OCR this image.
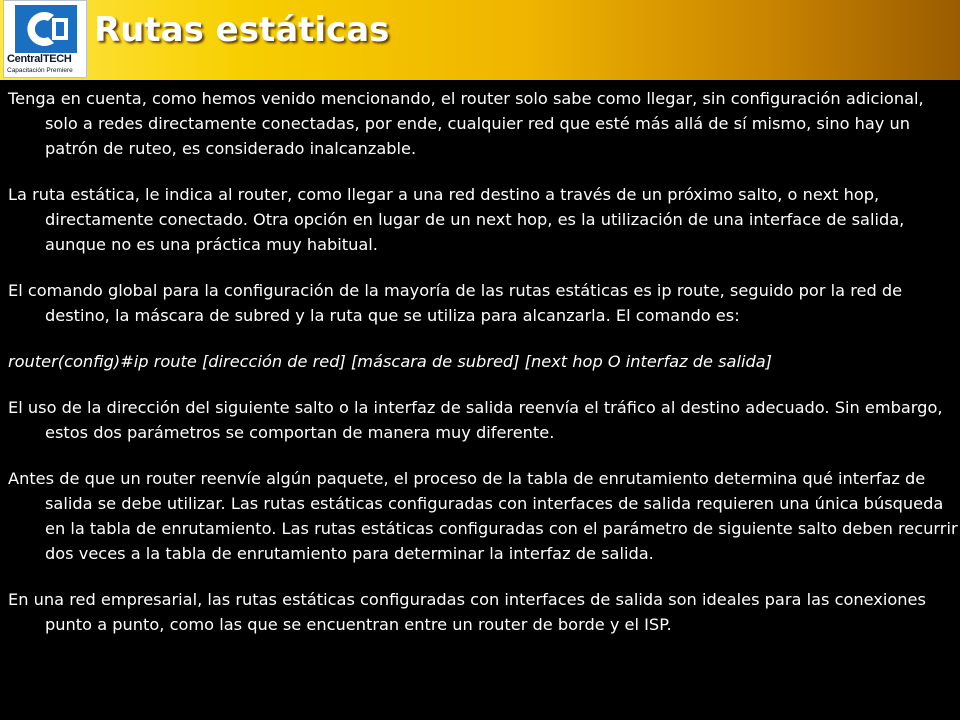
CentralTECH
Capacitación Premiere
Rutas estáticas

Tenga en cuenta, como hemos venido mencionando, el router solo sabe como llegar, sin configuración adicional, solo a redes directamente conectadas, por ende, cualquier red que esté más allá de sí mismo, sino hay un patrón de ruteo, es considerado inalcanzable.

La ruta estática, le indica al router, como llegar a una red destino a través de un próximo salto, o next hop, directamente conectado. Otra opción en lugar de un next hop, es la utilización de una interface de salida, aunque no es una práctica muy habitual.

El comando global para la configuración de la mayoría de las rutas estáticas es ip route, seguido por la red de destino, la máscara de subred y la ruta que se utiliza para alcanzarla. El comando es:

router(config)#ip route [dirección de red] [máscara de subred] [next hop O interfaz de salida]

El uso de la dirección del siguiente salto o la interfaz de salida reenvía el tráfico al destino adecuado. Sin embargo, estos dos parámetros se comportan de manera muy diferente.

Antes de que un router reenvíe algún paquete, el proceso de la tabla de enrutamiento determina qué interfaz de salida se debe utilizar. Las rutas estáticas configuradas con interfaces de salida requieren una única búsqueda en la tabla de enrutamiento. Las rutas estáticas configuradas con el parámetro de siguiente salto deben recurrir dos veces a la tabla de enrutamiento para determinar la interfaz de salida.

En una red empresarial, las rutas estáticas configuradas con interfaces de salida son ideales para las conexiones punto a punto, como las que se encuentran entre un router de borde y el ISP.
